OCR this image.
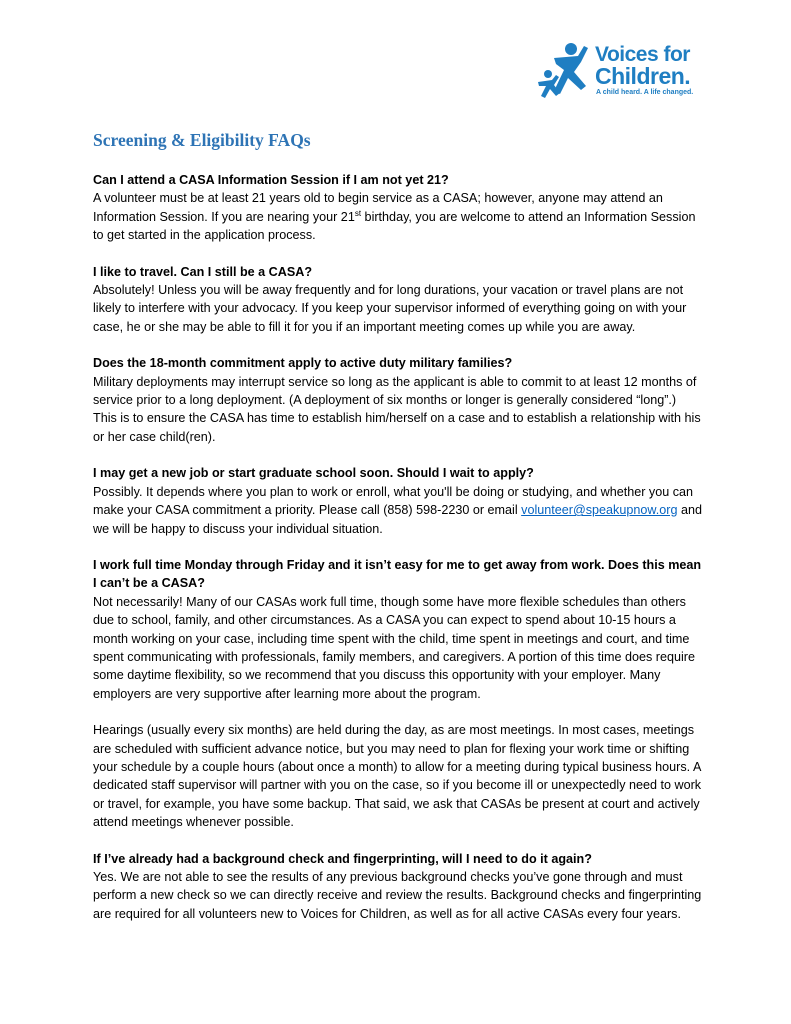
Voices for
Children.
A child heard. A life changed.
Screening & Eligibility FAQs

Can I attend a CASA Information Session if I am not yet 21?

A volunteer must be at least 21 years old to begin service as a CASA; however, anyone may attend an Information Session. If you are nearing your 21st birthday, you are welcome to attend an Information Session to get started in the application process.

I like to travel. Can I still be a CASA?

Absolutely! Unless you will be away frequently and for long durations, your vacation or travel plans are not likely to interfere with your advocacy. If you keep your supervisor informed of everything going on with your case, he or she may be able to fill it for you if an important meeting comes up while you are away.

Does the 18-month commitment apply to active duty military families?

Military deployments may interrupt service so long as the applicant is able to commit to at least 12 months of service prior to a long deployment. (A deployment of six months or longer is generally considered “long”.) This is to ensure the CASA has time to establish him/herself on a case and to establish a relationship with his or her case child(ren).

I may get a new job or start graduate school soon. Should I wait to apply?

Possibly. It depends where you plan to work or enroll, what you'll be doing or studying, and whether you can make your CASA commitment a priority. Please call (858) 598-2230 or email volunteer@speakupnow.org and we will be happy to discuss your individual situation.

I work full time Monday through Friday and it isn’t easy for me to get away from work. Does this mean I can’t be a CASA?

Not necessarily! Many of our CASAs work full time, though some have more flexible schedules than others due to school, family, and other circumstances. As a CASA you can expect to spend about 10-15 hours a month working on your case, including time spent with the child, time spent in meetings and court, and time spent communicating with professionals, family members, and caregivers. A portion of this time does require some daytime flexibility, so we recommend that you discuss this opportunity with your employer. Many employers are very supportive after learning more about the program.

Hearings (usually every six months) are held during the day, as are most meetings. In most cases, meetings are scheduled with sufficient advance notice, but you may need to plan for flexing your work time or shifting your schedule by a couple hours (about once a month) to allow for a meeting during typical business hours. A dedicated staff supervisor will partner with you on the case, so if you become ill or unexpectedly need to work or travel, for example, you have some backup. That said, we ask that CASAs be present at court and actively attend meetings whenever possible.

If I’ve already had a background check and fingerprinting, will I need to do it again?

Yes. We are not able to see the results of any previous background checks you’ve gone through and must perform a new check so we can directly receive and review the results. Background checks and fingerprinting are required for all volunteers new to Voices for Children, as well as for all active CASAs every four years.
